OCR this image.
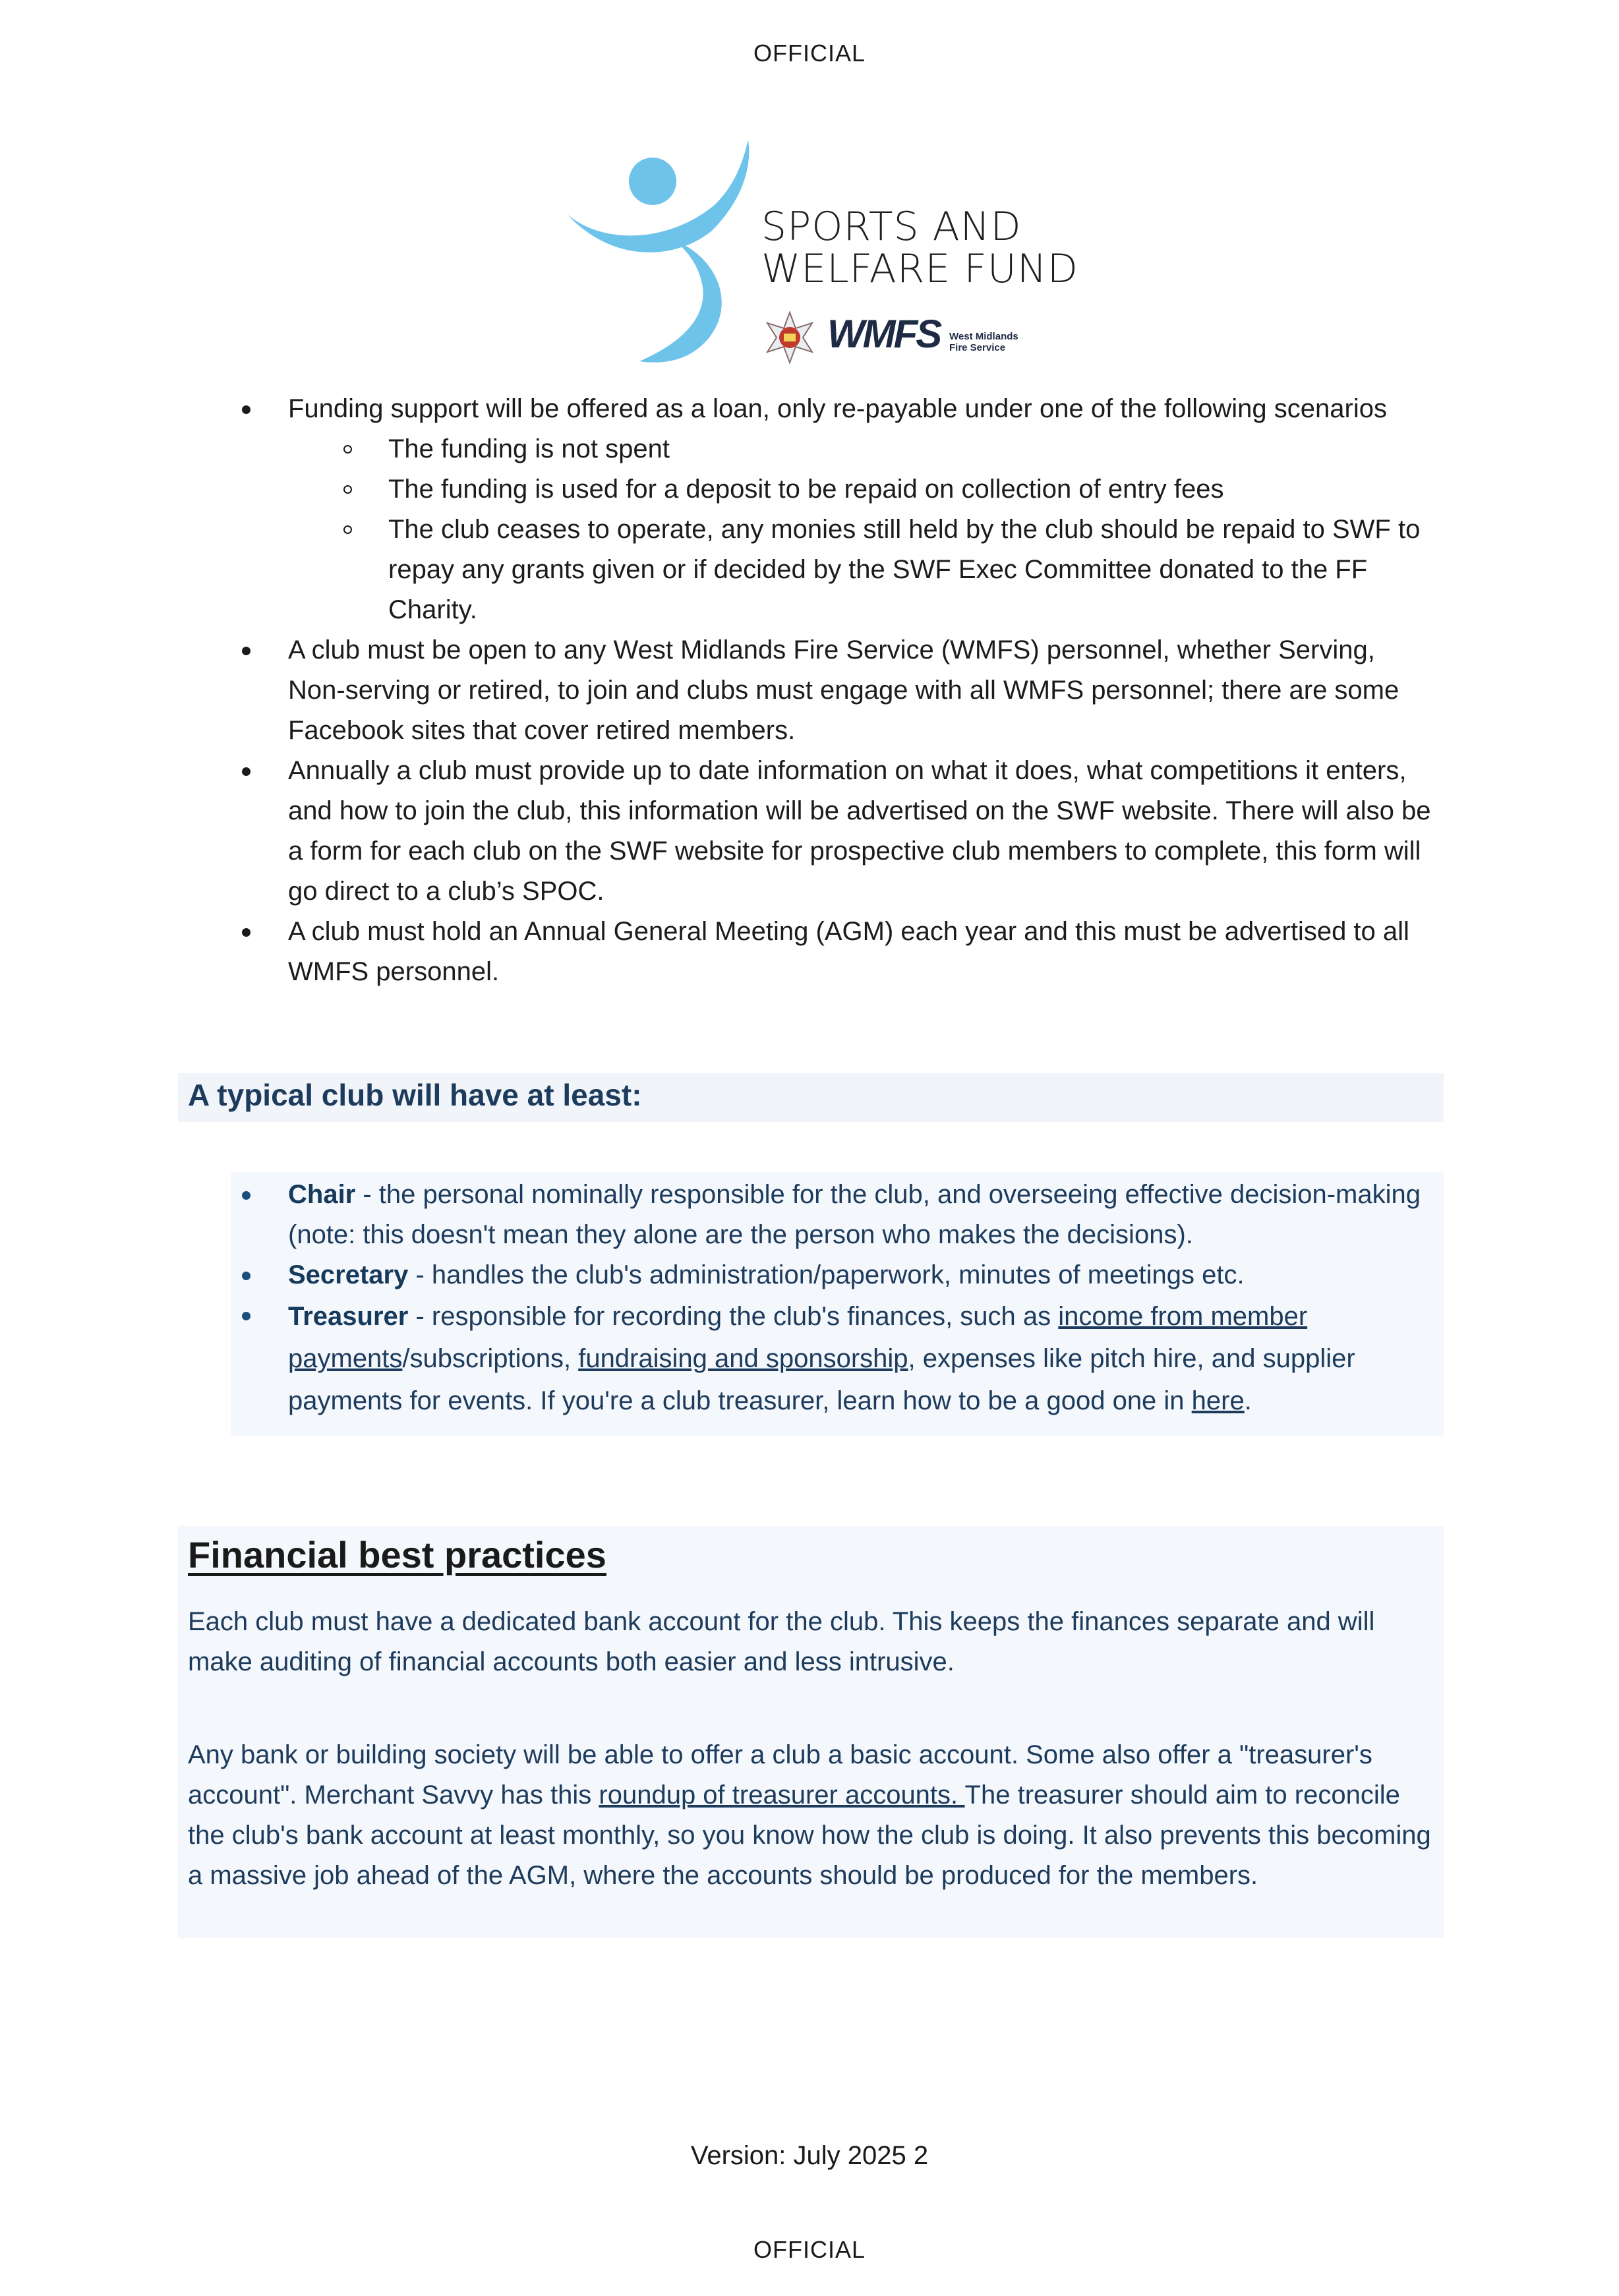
OFFICIAL
SPORTS AND
WELFARE FUND
WMFS West Midlands
Fire Service
Funding support will be offered as a loan, only re-payable under one of the following scenarios
The funding is not spent
The funding is used for a deposit to be repaid on collection of entry fees
The club ceases to operate, any monies still held by the club should be repaid to SWF to repay any grants given or if decided by the SWF Exec Committee donated to the FF Charity.
A club must be open to any West Midlands Fire Service (WMFS) personnel, whether Serving, Non-serving or retired, to join and clubs must engage with all WMFS personnel; there are some Facebook sites that cover retired members.
Annually a club must provide up to date information on what it does, what competitions it enters, and how to join the club, this information will be advertised on the SWF website. There will also be a form for each club on the SWF website for prospective club members to complete, this form will go direct to a club’s SPOC.
A club must hold an Annual General Meeting (AGM) each year and this must be advertised to all WMFS personnel.
A typical club will have at least:
Chair - the personal nominally responsible for the club, and overseeing effective decision-making (note: this doesn't mean they alone are the person who makes the decisions).
Secretary - handles the club's administration/paperwork, minutes of meetings etc.
Treasurer - responsible for recording the club's finances, such as income from member payments/subscriptions, fundraising and sponsorship, expenses like pitch hire, and supplier payments for events. If you're a club treasurer, learn how to be a good one in here.
Financial best practices
Each club must have a dedicated bank account for the club. This keeps the finances separate and will make auditing of financial accounts both easier and less intrusive.
Any bank or building society will be able to offer a club a basic account. Some also offer a "treasurer's account". Merchant Savvy has this roundup of treasurer accounts. The treasurer should aim to reconcile the club's bank account at least monthly, so you know how the club is doing. It also prevents this becoming a massive job ahead of the AGM, where the accounts should be produced for the members.
Version: July 2025 2
OFFICIAL
